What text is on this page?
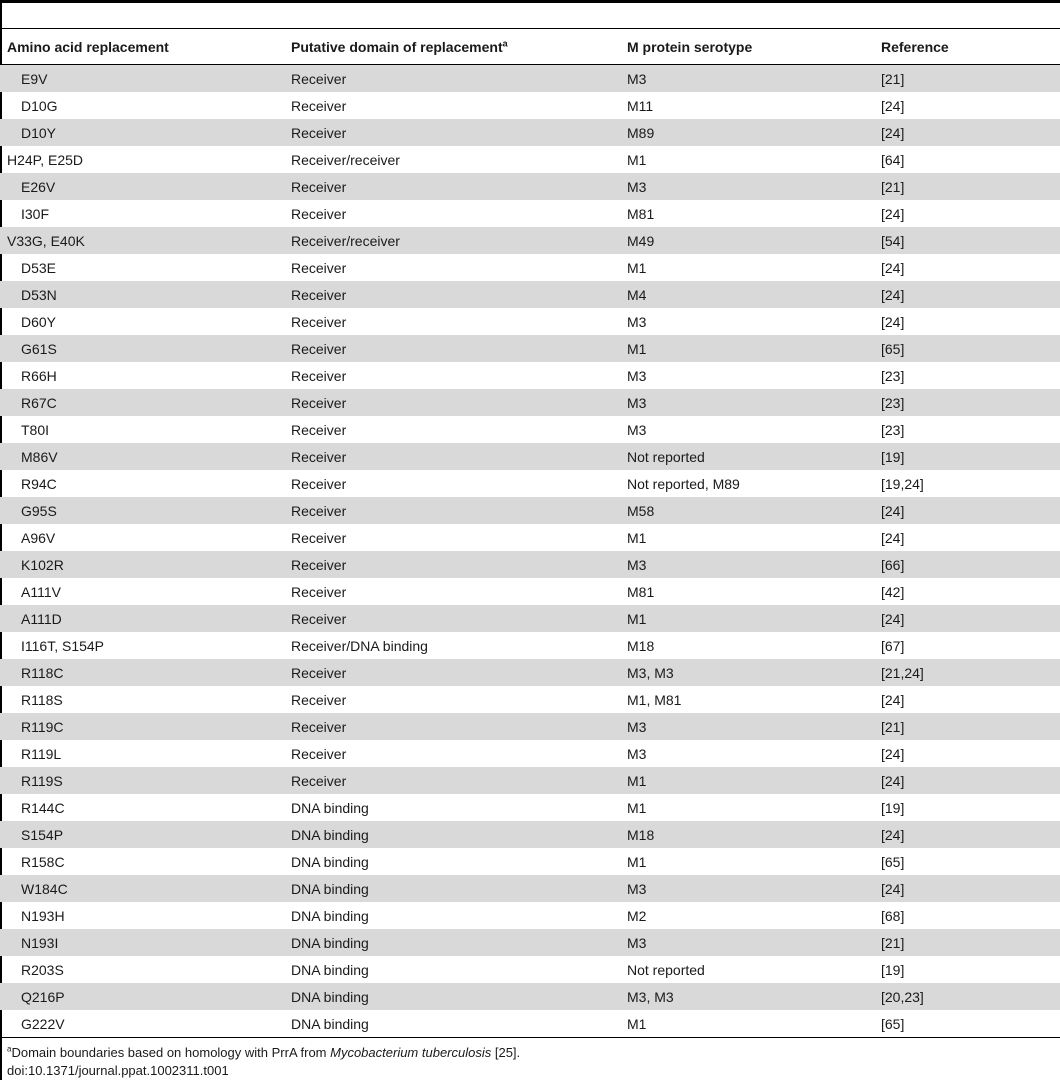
Amino acid replacement	Putative domain of replacement$^a$	M protein serotype	Reference
E9V	Receiver	M3	[21]
D10G	Receiver	M11	[24]
D10Y	Receiver	M89	[24]
H24P, E25D	Receiver/receiver	M1	[64]
E26V	Receiver	M3	[21]
I30F	Receiver	M81	[24]
V33G, E40K	Receiver/receiver	M49	[54]
D53E	Receiver	M1	[24]
D53N	Receiver	M4	[24]
D60Y	Receiver	M3	[24]
G61S	Receiver	M1	[65]
R66H	Receiver	M3	[23]
R67C	Receiver	M3	[23]
T80I	Receiver	M3	[23]
M86V	Receiver	Not reported	[19]
R94C	Receiver	Not reported, M89	[19,24]
G95S	Receiver	M58	[24]
A96V	Receiver	M1	[24]
K102R	Receiver	M3	[66]
A111V	Receiver	M81	[42]
A111D	Receiver	M1	[24]
I116T, S154P	Receiver/DNA binding	M18	[67]
R118C	Receiver	M3, M3	[21,24]
R118S	Receiver	M1, M81	[24]
R119C	Receiver	M3	[21]
R119L	Receiver	M3	[24]
R119S	Receiver	M1	[24]
R144C	DNA binding	M1	[19]
S154P	DNA binding	M18	[24]
R158C	DNA binding	M1	[65]
W184C	DNA binding	M3	[24]
N193H	DNA binding	M2	[68]
N193I	DNA binding	M3	[21]
R203S	DNA binding	Not reported	[19]
Q216P	DNA binding	M3, M3	[20,23]
G222V	DNA binding	M1	[65]
$^a$Domain boundaries based on homology with PrrA from Mycobacterium tuberculosis [25].
doi:10.1371/journal.ppat.1002311.t001
